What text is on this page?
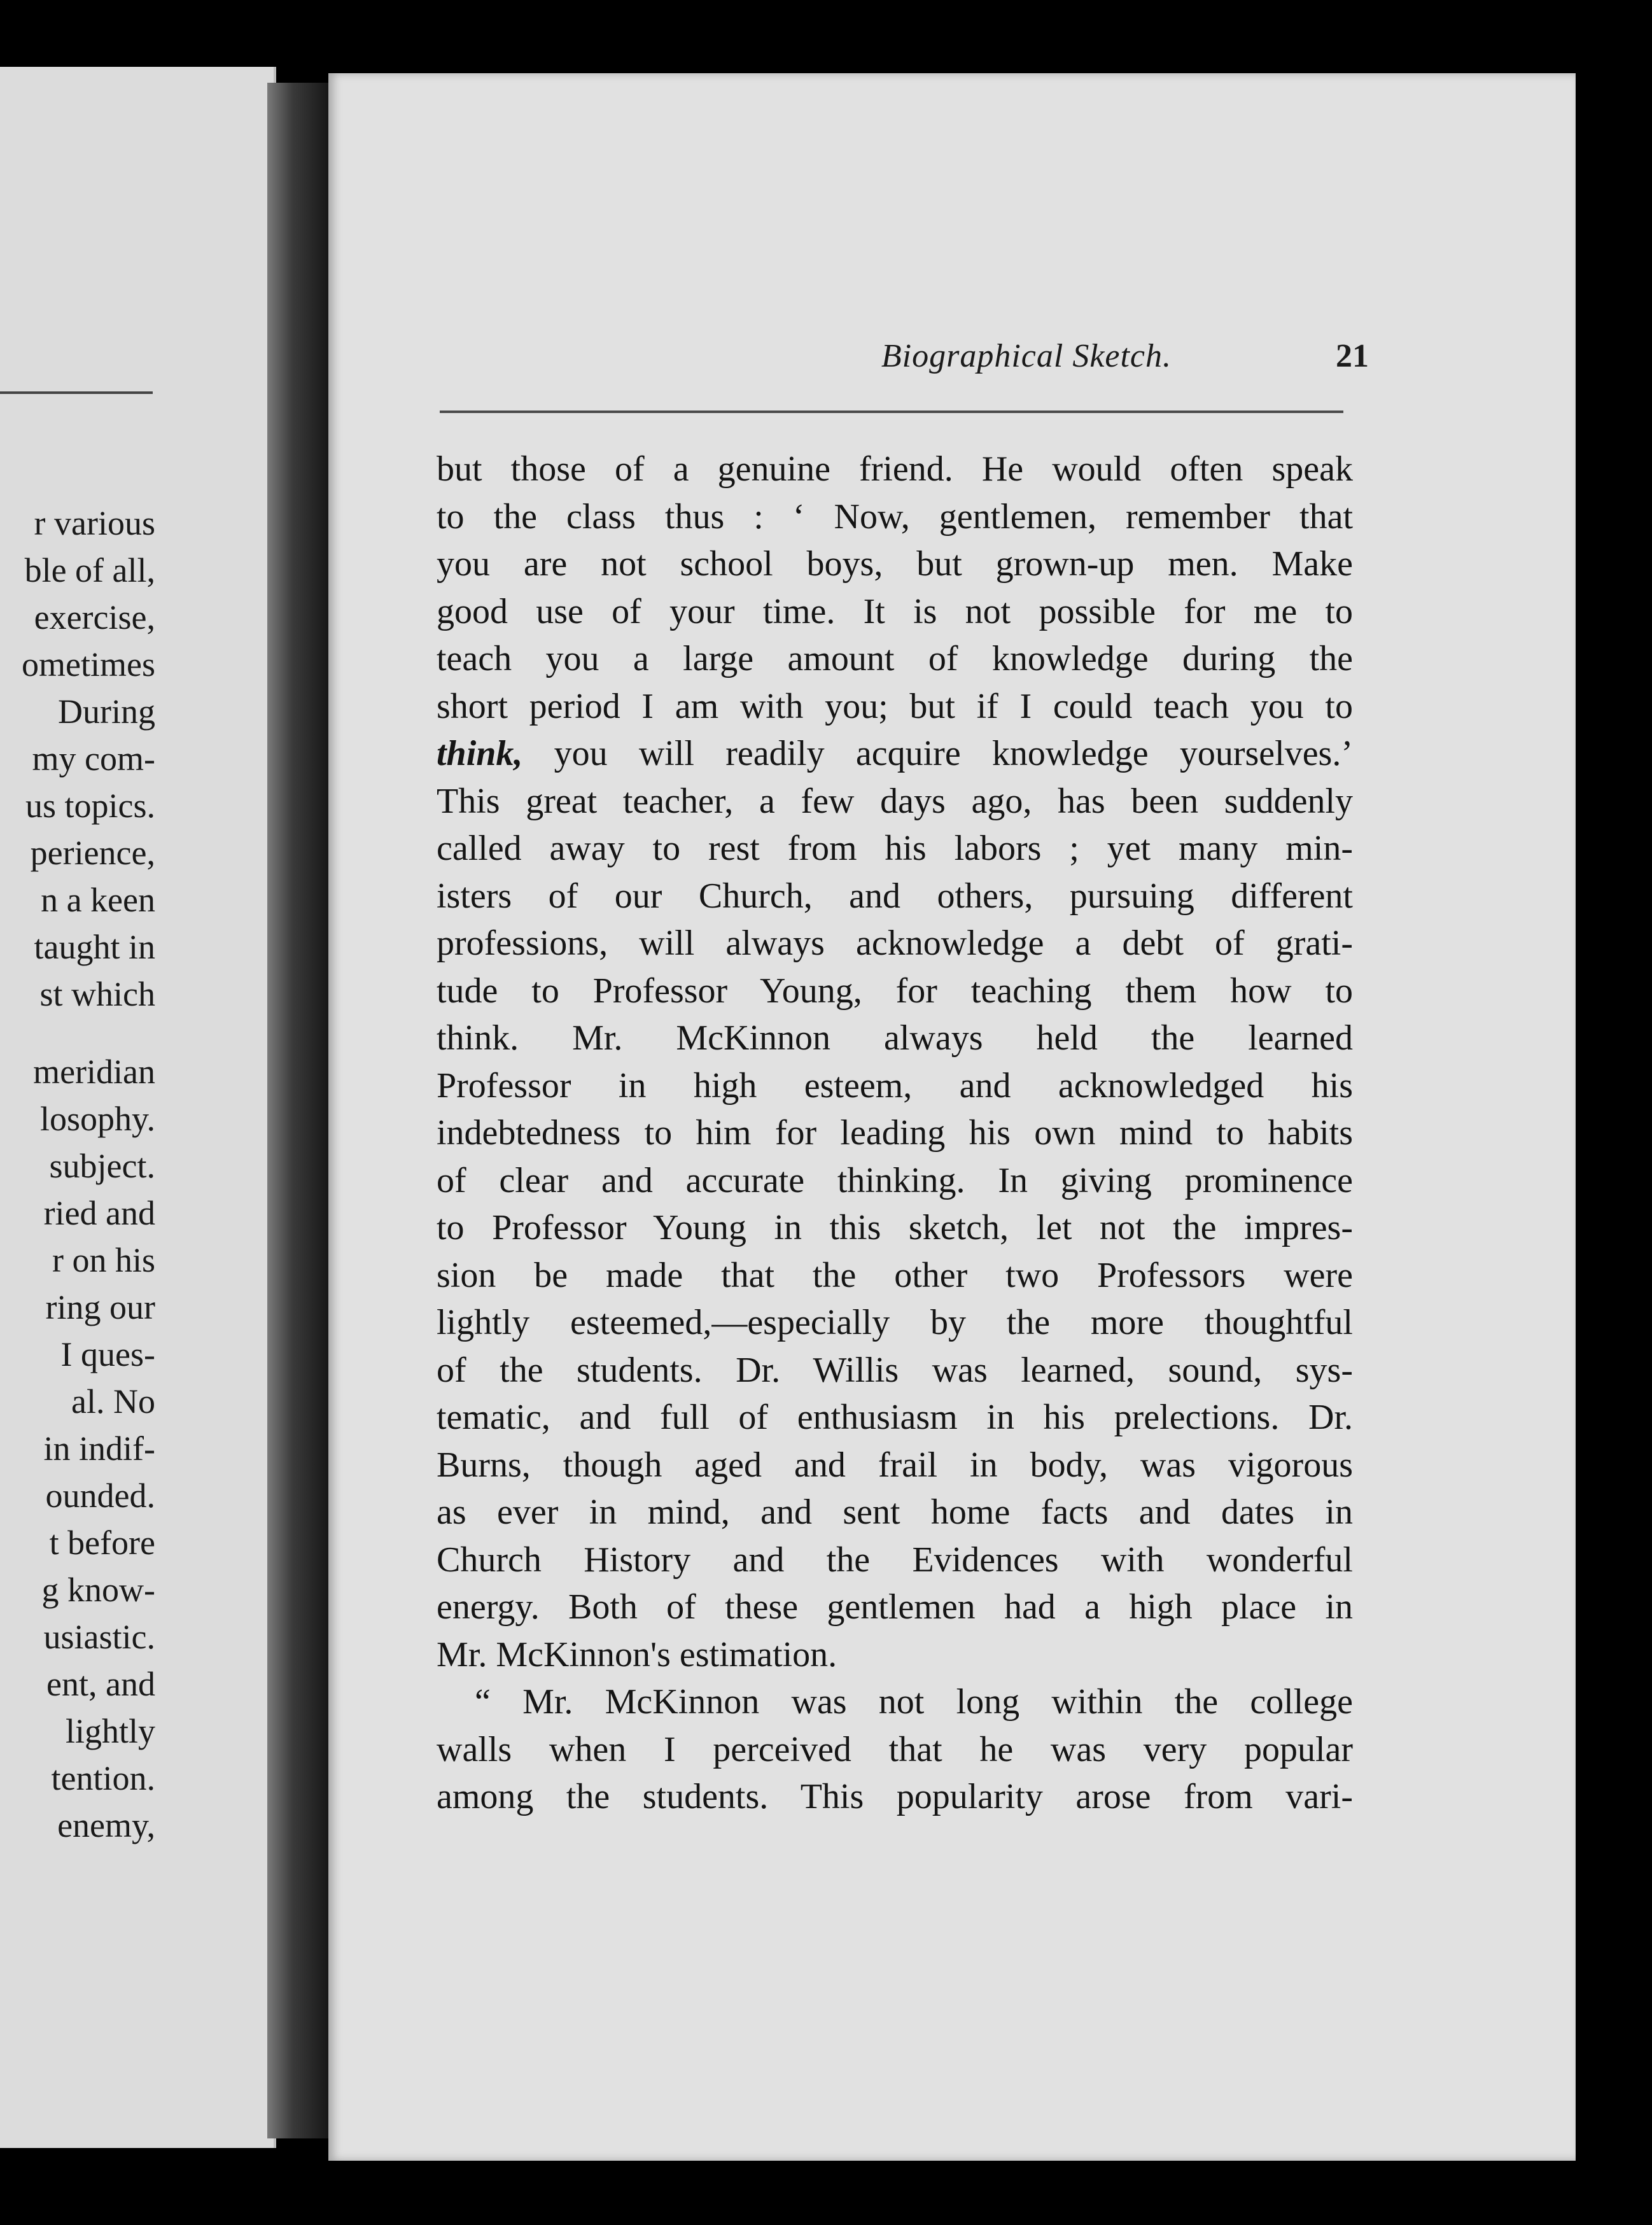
r various
ble of all,
exercise,
ometimes
During
my com-
us topics.
perience,
n a keen
taught in
st which
meridian
losophy.
subject.
ried and
r on his
ring our
I ques-
al. No
in indif-
ounded.
t before
g know-
usiastic.
ent, and
lightly
tention.
enemy,
Biographical Sketch.	21
but those of a genuine friend. He would often speak
to the class thus : ‘ Now, gentlemen, remember that
you are not school boys, but grown-up men. Make
good use of your time. It is not possible for me to
teach you a large amount of knowledge during the
short period I am with you; but if I could teach you to
think, you will readily acquire knowledge yourselves.’
This great teacher, a few days ago, has been suddenly
called away to rest from his labors ; yet many min-
isters of our Church, and others, pursuing different
professions, will always acknowledge a debt of grati-
tude to Professor Young, for teaching them how to
think. Mr. McKinnon always held the learned
Professor in high esteem, and acknowledged his
indebtedness to him for leading his own mind to habits
of clear and accurate thinking. In giving prominence
to Professor Young in this sketch, let not the impres-
sion be made that the other two Professors were
lightly esteemed,—especially by the more thoughtful
of the students. Dr. Willis was learned, sound, sys-
tematic, and full of enthusiasm in his prelections. Dr.
Burns, though aged and frail in body, was vigorous
as ever in mind, and sent home facts and dates in
Church History and the Evidences with wonderful
energy. Both of these gentlemen had a high place in
Mr. McKinnon's estimation.
“ Mr. McKinnon was not long within the college
walls when I perceived that he was very popular
among the students. This popularity arose from vari-
